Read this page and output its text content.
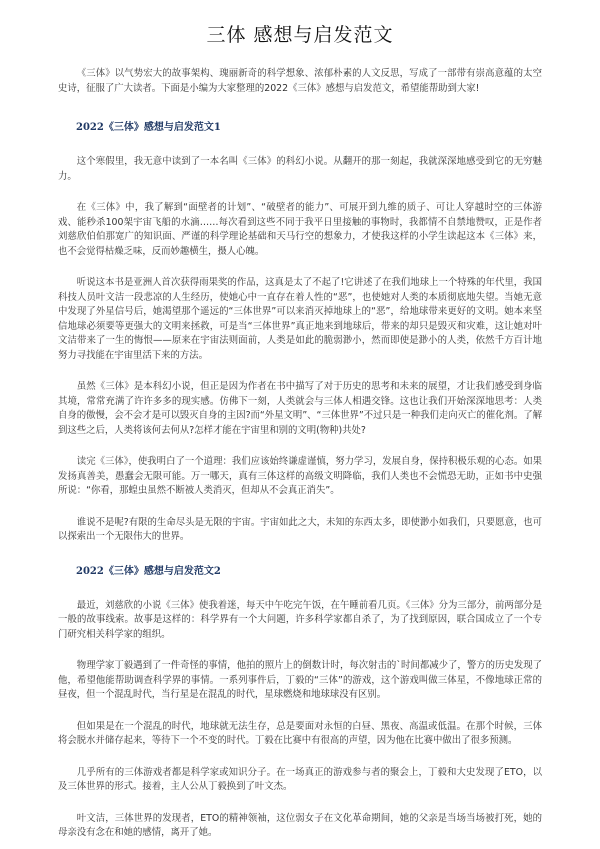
三体 感想与启发范文

《三体》以气势宏大的故事架构、瑰丽新奇的科学想象、浓郁朴素的人文反思，写成了一部带有崇高意蕴的太空史诗，征服了广大读者。下面是小编为大家整理的2022《三体》感想与启发范文，希望能帮助到大家!

2022《三体》感想与启发范文1

这个寒假里，我无意中读到了一本名叫《三体》的科幻小说。从翻开的那一刻起，我就深深地感受到它的无穷魅力。

在《三体》中，我了解到“面壁者的计划”、“破壁者的能力”、可展开到九维的质子、可让人穿越时空的三体游戏、能秒杀100架宇宙飞船的水滴……每次看到这些不同于我平日里接触的事物时，我都情不自禁地赞叹，正是作者刘慈欣伯伯那宽广的知识面、严谨的科学理论基础和天马行空的想象力，才使我这样的小学生读起这本《三体》来，也不会觉得枯燥乏味，反而妙趣横生，摄人心魄。

听说这本书是亚洲人首次获得雨果奖的作品，这真是太了不起了!它讲述了在我们地球上一个特殊的年代里，我国科技人员叶文洁一段悲凉的人生经历，使她心中一直存在着人性的“恶”，也使她对人类的本质彻底地失望。当她无意中发现了外星信号后，她渴望那个遥远的“三体世界”可以来消灭掉地球上的“恶”，给地球带来更好的文明。她本来坚信地球必须要等更强大的文明来拯救，可是当“三体世界”真正地来到地球后，带来的却只是毁灭和灾难，这让她对叶文洁带来了一生的悔恨——原来在宇宙法则面前，人类是如此的脆弱渺小，然而即使是渺小的人类，依然千方百计地努力寻找能在宇宙里活下来的方法。

虽然《三体》是本科幻小说，但正是因为作者在书中描写了对于历史的思考和未来的展望，才让我们感受到身临其境，常常充满了许许多多的现实感。仿佛下一刻，人类就会与三体人相遇交锋。这也让我们开始深深地思考：人类自身的傲慢，会不会才是可以毁灭自身的主因?而“外星文明”、“三体世界”不过只是一种我们走向灭亡的催化剂。了解到这些之后，人类将该何去何从?怎样才能在宇宙里和别的文明(物种)共处?

读完《三体》，使我明白了一个道理：我们应该始终谦虚谨慎，努力学习，发展自身，保持积极乐观的心态。如果发扬真善美，愚蠢会无限可能。万一哪天，真有三体这样的高级文明降临，我们人类也不会慌恐无助，正如书中史强所说：“你看，那蝗虫虽然不断被人类消灭，但却从不会真正消失”。

谁说不是呢?有限的生命尽头是无限的宇宙。宇宙如此之大，未知的东西太多，即使渺小如我们，只要愿意，也可以探索出一个无限伟大的世界。

2022《三体》感想与启发范文2

最近，刘慈欣的小说《三体》使我着迷，每天中午吃完午饭，在午睡前看几页。《三体》分为三部分，前两部分是一般的故事线索。故事是这样的：科学界有一个大问题，许多科学家都自杀了，为了找到原因，联合国成立了一个专门研究相关科学家的组织。

物理学家丁毅遇到了一件奇怪的事情，他拍的照片上的倒数计时，每次射击的`时间都减少了，警方的历史发现了他，希望他能帮助调查科学界的事情。一系列事件后，丁毅的“三体”的游戏，这个游戏叫做三体星，不像地球正常的昼夜，但一个混乱时代，当行星是在混乱的时代，星球燃烧和地球球没有区别。

但如果是在一个混乱的时代，地球就无法生存，总是要面对永恒的白昼、黑夜、高温或低温。在那个时候，三体将会脱水并储存起来，等待下一个不变的时代。丁毅在比赛中有很高的声望，因为他在比赛中做出了很多预测。

几乎所有的三体游戏者都是科学家或知识分子。在一场真正的游戏参与者的聚会上，丁毅和大史发现了ETO，以及三体世界的形式。接着，主人公从丁毅换到了叶文杰。

叶文洁，三体世界的发现者，ETO的精神领袖，这位弱女子在文化革命期间，她的父亲是当场当场被打死，她的母亲没有念在和她的感情，离开了她。
